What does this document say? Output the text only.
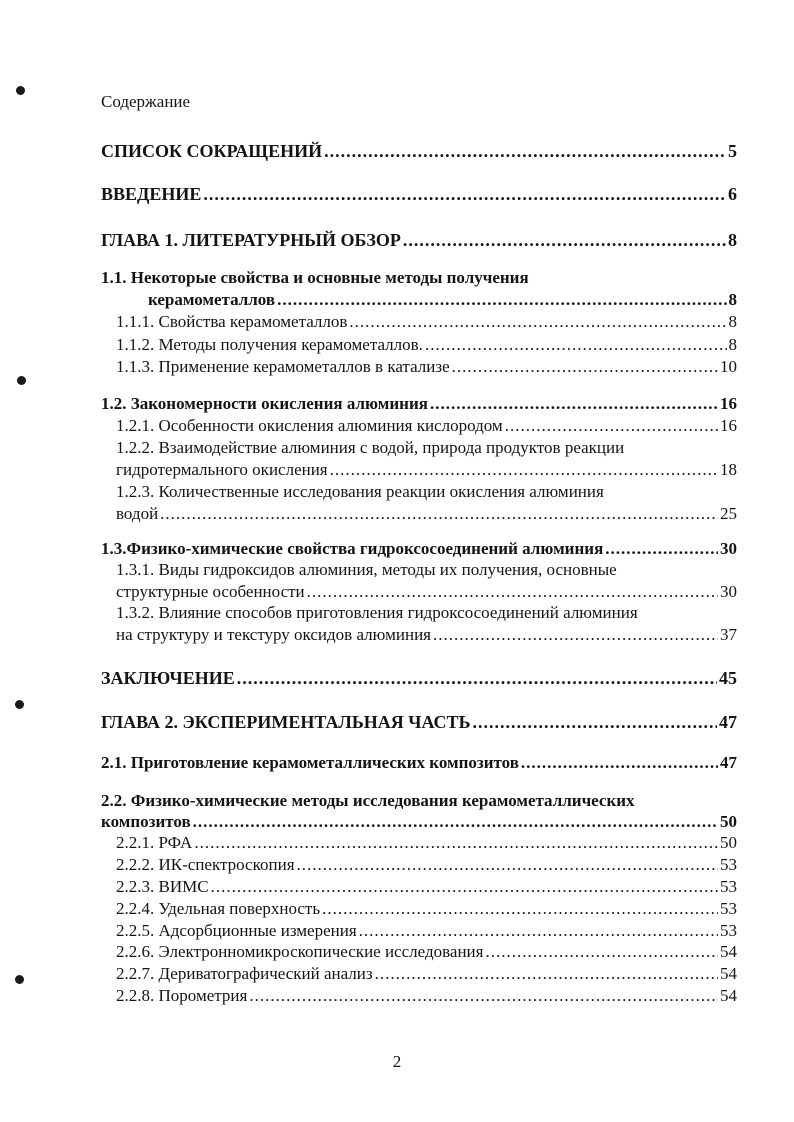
Содержание
СПИСОК СОКРАЩЕНИЙ .....	5
ВВЕДЕНИЕ .....	6
ГЛАВА 1. ЛИТЕРАТУРНЫЙ ОБЗОР .....	8
1.1. Некоторые свойства и основные методы получения
керамометаллов .....	8
1.1.1. Свойства керамометаллов .....	8
1.1.2. Методы получения керамометаллов. .....	8
1.1.3. Применение керамометаллов в катализе .....	10
1.2. Закономерности окисления алюминия .....	16
1.2.1. Особенности окисления алюминия кислородом .....	16
1.2.2. Взаимодействие алюминия с водой, природа продуктов реакции
гидротермального окисления .....	18
1.2.3. Количественные исследования реакции окисления алюминия
водой .....	25
1.3.Физико-химические свойства гидроксосоединений алюминия .....	30
1.3.1. Виды гидроксидов алюминия, методы их получения, основные
структурные особенности .....	30
1.3.2. Влияние способов приготовления гидроксосоединений алюминия
на структуру и текстуру оксидов алюминия .....	37
ЗАКЛЮЧЕНИЕ .....	45
ГЛАВА 2. ЭКСПЕРИМЕНТАЛЬНАЯ ЧАСТЬ .....	47
2.1. Приготовление керамометаллических композитов .....	47
2.2. Физико-химические методы исследования керамометаллических
композитов .....	50
2.2.1. РФА .....	50
2.2.2. ИК-спектроскопия .....	53
2.2.3. ВИМС .....	53
2.2.4. Удельная поверхность .....	53
2.2.5. Адсорбционные измерения .....	53
2.2.6. Электронномикроскопические исследования .....	54
2.2.7. Дериватографический анализ .....	54
2.2.8. Порометрия .....	54
2
